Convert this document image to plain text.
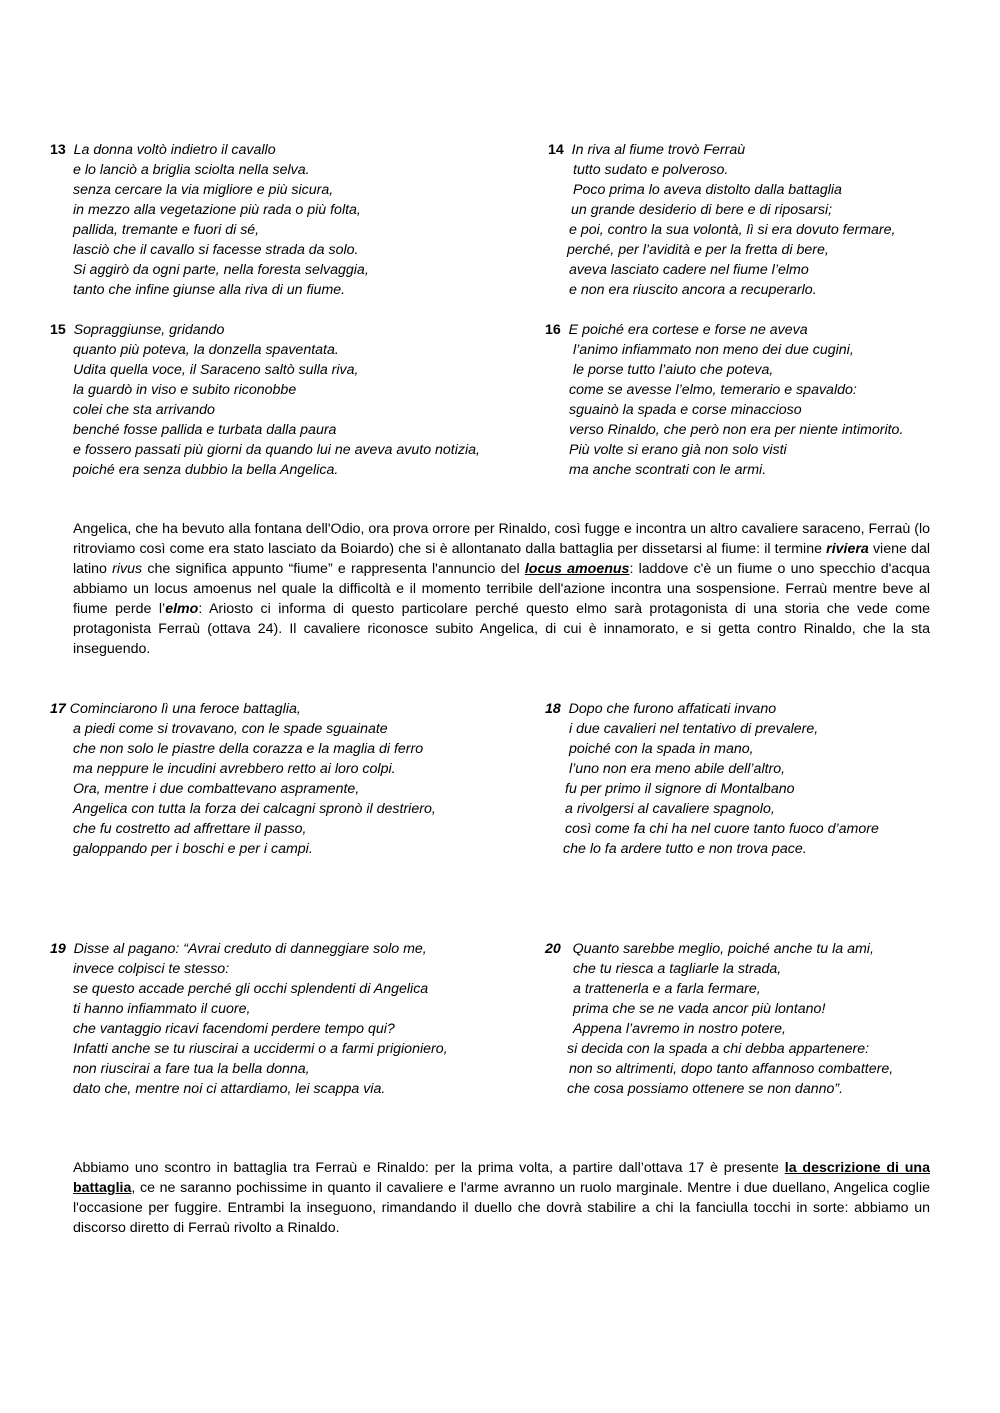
13 La donna voltò indietro il cavallo
e lo lanciò a briglia sciolta nella selva.
senza cercare la via migliore e più sicura,
in mezzo alla vegetazione più rada o più folta,
pallida, tremante e fuori di sé,
lasciò che il cavallo si facesse strada da solo.
Si aggirò da ogni parte, nella foresta selvaggia,
tanto che infine giunse alla riva di un fiume.
14 In riva al fiume trovò Ferraù
tutto sudato e polveroso.
Poco prima lo aveva distolto dalla battaglia
un grande desiderio di bere e di riposarsi;
e poi, contro la sua volontà, lì si era dovuto fermare,
perché, per l’avidità e per la fretta di bere,
aveva lasciato cadere nel fiume l’elmo
e non era riuscito ancora a recuperarlo.
15 Sopraggiunse, gridando
quanto più poteva, la donzella spaventata.
Udita quella voce, il Saraceno saltò sulla riva,
la guardò in viso e subito riconobbe
colei che sta arrivando
benché fosse pallida e turbata dalla paura
e fossero passati più giorni da quando lui ne aveva avuto notizia,
poiché era senza dubbio la bella Angelica.
16 E poiché era cortese e forse ne aveva
l’animo infiammato non meno dei due cugini,
le porse tutto l’aiuto che poteva,
come se avesse l’elmo, temerario e spavaldo:
sguainò la spada e corse minaccioso
verso Rinaldo, che però non era per niente intimorito.
Più volte si erano già non solo visti
ma anche scontrati con le armi.
Angelica, che ha bevuto alla fontana dell'Odio, ora prova orrore per Rinaldo, così fugge e incontra un altro cavaliere saraceno, Ferraù (lo ritroviamo così come era stato lasciato da Boiardo) che si è allontanato dalla battaglia per dissetarsi al fiume: il termine riviera viene dal latino rivus che significa appunto “fiume” e rappresenta l'annuncio del locus amoenus: laddove c'è un fiume o uno specchio d'acqua abbiamo un locus amoenus nel quale la difficoltà e il momento terribile dell'azione incontra una sospensione. Ferraù mentre beve al fiume perde l’elmo: Ariosto ci informa di questo particolare perché questo elmo sarà protagonista di una storia che vede come protagonista Ferraù (ottava 24). Il cavaliere riconosce subito Angelica, di cui è innamorato, e si getta contro Rinaldo, che la sta inseguendo.
17 Cominciarono lì una feroce battaglia,
a piedi come si trovavano, con le spade sguainate
che non solo le piastre della corazza e la maglia di ferro
ma neppure le incudini avrebbero retto ai loro colpi.
Ora, mentre i due combattevano aspramente,
Angelica con tutta la forza dei calcagni spronò il destriero,
che fu costretto ad affrettare il passo,
galoppando per i boschi e per i campi.
18 Dopo che furono affaticati invano
i due cavalieri nel tentativo di prevalere,
poiché con la spada in mano,
l’uno non era meno abile dell’altro,
fu per primo il signore di Montalbano
a rivolgersi al cavaliere spagnolo,
così come fa chi ha nel cuore tanto fuoco d’amore
che lo fa ardere tutto e non trova pace.
19 Disse al pagano: “Avrai creduto di danneggiare solo me,
invece colpisci te stesso:
se questo accade perché gli occhi splendenti di Angelica
ti hanno infiammato il cuore,
che vantaggio ricavi facendomi perdere tempo qui?
Infatti anche se tu riuscirai a uccidermi o a farmi prigioniero,
non riuscirai a fare tua la bella donna,
dato che, mentre noi ci attardiamo, lei scappa via.
20 Quanto sarebbe meglio, poiché anche tu la ami,
che tu riesca a tagliarle la strada,
a trattenerla e a farla fermare,
prima che se ne vada ancor più lontano!
Appena l’avremo in nostro potere,
si decida con la spada a chi debba appartenere:
non so altrimenti, dopo tanto affannoso combattere,
che cosa possiamo ottenere se non danno”.
Abbiamo uno scontro in battaglia tra Ferraù e Rinaldo: per la prima volta, a partire dall’ottava 17 è presente la descrizione di una battaglia, ce ne saranno pochissime in quanto il cavaliere e l'arme avranno un ruolo marginale. Mentre i due duellano, Angelica coglie l'occasione per fuggire. Entrambi la inseguono, rimandando il duello che dovrà stabilire a chi la fanciulla tocchi in sorte: abbiamo un discorso diretto di Ferraù rivolto a Rinaldo.
